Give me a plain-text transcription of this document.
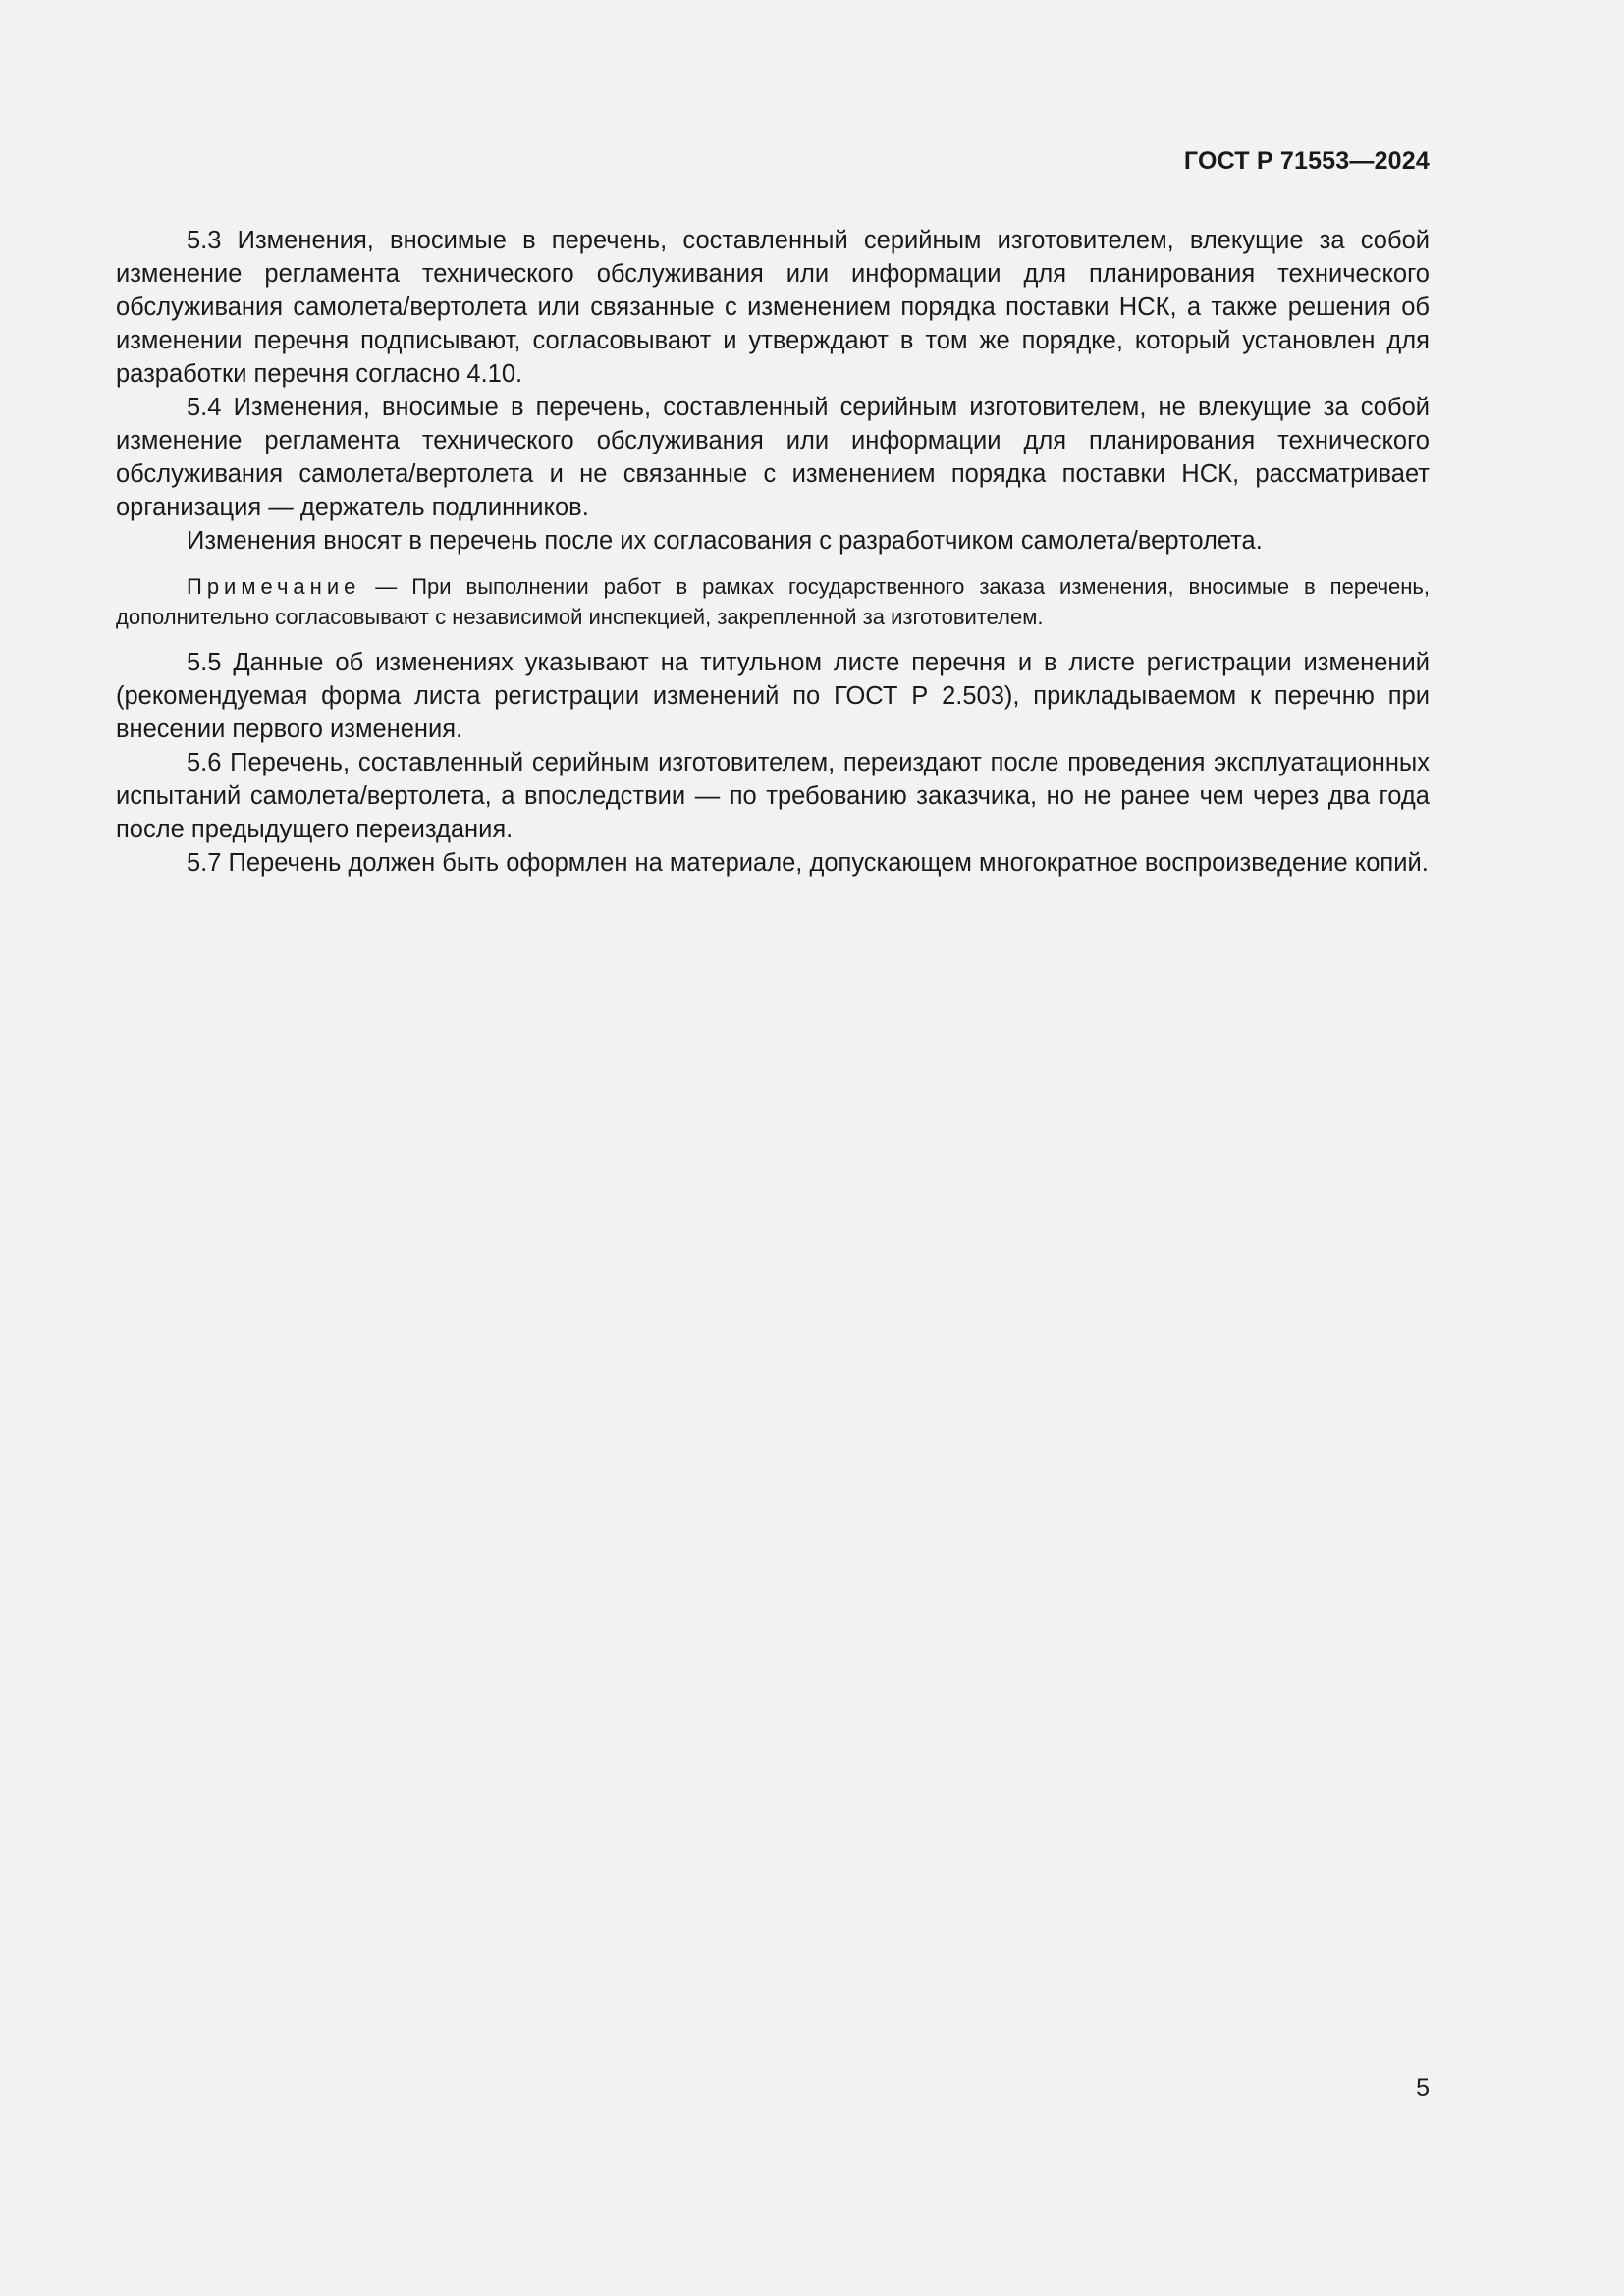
ГОСТ Р 71553—2024

5.3 Изменения, вносимые в перечень, составленный серийным изготовителем, влекущие за собой изменение регламента технического обслуживания или информации для планирования технического обслуживания самолета/вертолета или связанные с изменением порядка поставки НСК, а также решения об изменении перечня подписывают, согласовывают и утверждают в том же порядке, который установлен для разработки перечня согласно 4.10.

5.4 Изменения, вносимые в перечень, составленный серийным изготовителем, не влекущие за собой изменение регламента технического обслуживания или информации для планирования технического обслуживания самолета/вертолета и не связанные с изменением порядка поставки НСК, рассматривает организация — держатель подлинников.

Изменения вносят в перечень после их согласования с разработчиком самолета/вертолета.

Примечание — При выполнении работ в рамках государственного заказа изменения, вносимые в перечень, дополнительно согласовывают с независимой инспекцией, закрепленной за изготовителем.

5.5 Данные об изменениях указывают на титульном листе перечня и в листе регистрации изменений (рекомендуемая форма листа регистрации изменений по ГОСТ Р 2.503), прикладываемом к перечню при внесении первого изменения.

5.6 Перечень, составленный серийным изготовителем, переиздают после проведения эксплуатационных испытаний самолета/вертолета, а впоследствии — по требованию заказчика, но не ранее чем через два года после предыдущего переиздания.

5.7 Перечень должен быть оформлен на материале, допускающем многократное воспроизведение копий.

5
